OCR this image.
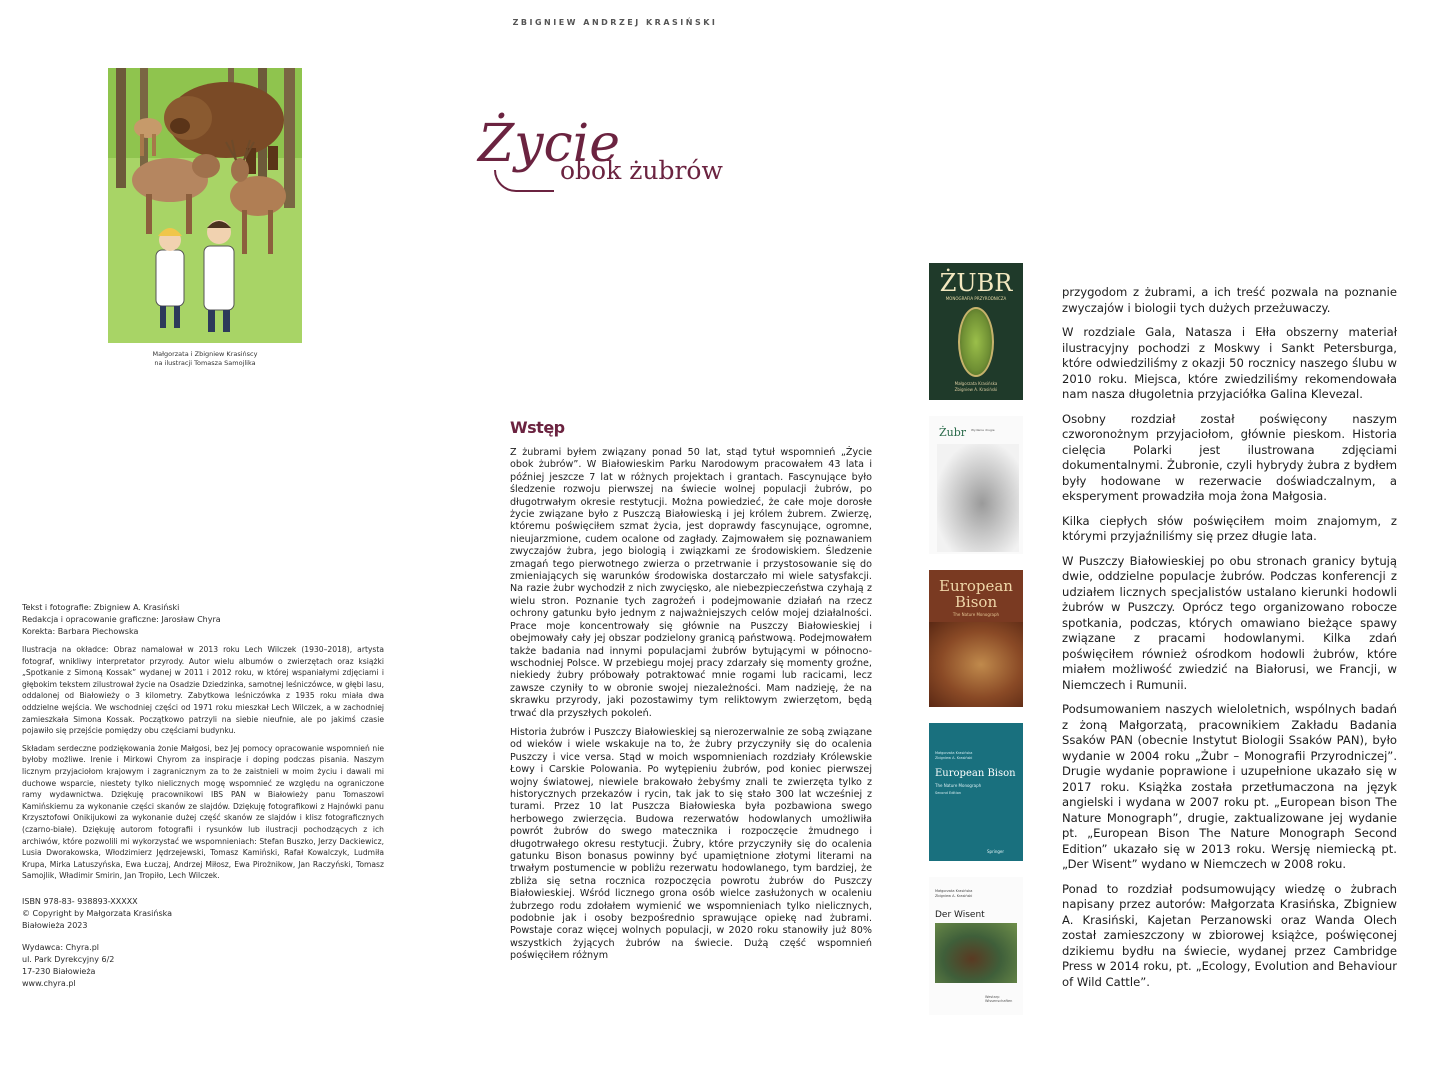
ZBIGNIEW ANDRZEJ KRASIŃSKI
Małgorzata i Zbigniew Krasińscy
na ilustracji Tomasza Samojlika
Życie
obok żubrów

Tekst i fotografie: Zbigniew A. Krasiński

Redakcja i opracowanie graficzne: Jarosław Chyra

Korekta: Barbara Piechowska

Ilustracja na okładce: Obraz namalował w 2013 roku Lech Wilczek (1930–2018), artysta fotograf, wnikliwy interpretator przyrody. Autor wielu albumów o zwierzętach oraz książki „Spotkanie z Simoną Kossak” wydanej w 2011 i 2012 roku, w której wspaniałymi zdjęciami i głębokim tekstem zilustrował życie na Osadzie Dziedzinka, samotnej leśniczówce, w głębi lasu, oddalonej od Białowieży o 3 kilometry. Zabytkowa leśniczówka z 1935 roku miała dwa oddzielne wejścia. We wschodniej części od 1971 roku mieszkał Lech Wilczek, a w zachodniej zamieszkała Simona Kossak. Początkowo patrzyli na siebie nieufnie, ale po jakimś czasie pojawiło się przejście pomiędzy obu częściami budynku.

Składam serdeczne podziękowania żonie Małgosi, bez Jej pomocy opracowanie wspomnień nie byłoby możliwe. Irenie i Mirkowi Chyrom za inspiracje i doping podczas pisania. Naszym licznym przyjaciołom krajowym i zagranicznym za to że zaistnieli w moim życiu i dawali mi duchowe wsparcie, niestety tylko nielicznych mogę wspomnieć ze względu na ograniczone ramy wydawnictwa. Dziękuję pracownikowi IBS PAN w Białowieży panu Tomaszowi Kamińskiemu za wykonanie części skanów ze slajdów. Dziękuję fotografikowi z Hajnówki panu Krzysztofowi Onikijukowi za wykonanie dużej część skanów ze slajdów i klisz fotograficznych (czarno-białe). Dziękuję autorom fotografii i rysunków lub ilustracji pochodzących z ich archiwów, które pozwolili mi wykorzystać we wspomnieniach: Stefan Buszko, Jerzy Dackiewicz, Lusia Dworakowska, Włodzimierz Jędrzejewski, Tomasz Kamiński, Rafał Kowalczyk, Ludmiła Krupa, Mirka Latuszyńska, Ewa Łuczaj, Andrzej Miłosz, Ewa Pirożnikow, Jan Raczyński, Tomasz Samojlik, Władimir Smirin, Jan Tropiło, Lech Wilczek.

ISBN 978-83- 938893-XXXXX
© Copyright by Małgorzata Krasińska
Białowieża 2023
Wydawca: Chyra.pl
ul. Park Dyrekcyjny 6/2
17-230 Białowieża
www.chyra.pl
Wstęp

Z żubrami byłem związany ponad 50 lat, stąd tytuł wspomnień „Życie obok żubrów”. W Białowieskim Parku Narodowym pracowałem 43 lata i później jeszcze 7 lat w różnych projektach i grantach. Fascynujące było śledzenie rozwoju pierwszej na świecie wolnej populacji żubrów, po długotrwałym okresie restytucji. Można powiedzieć, że całe moje dorosłe życie związane było z Puszczą Białowieską i jej królem żubrem. Zwierzę, któremu poświęciłem szmat życia, jest doprawdy fascynujące, ogromne, nieujarzmione, cudem ocalone od zagłady. Zajmowałem się poznawaniem zwyczajów żubra, jego biologią i związkami ze środowiskiem. Śledzenie zmagań tego pierwotnego zwierza o przetrwanie i przystosowanie się do zmieniających się warunków środowiska dostarczało mi wiele satysfakcji. Na razie żubr wychodził z nich zwycięsko, ale niebezpieczeństwa czyhają z wielu stron. Poznanie tych zagrożeń i podejmowanie działań na rzecz ochrony gatunku było jednym z najważniejszych celów mojej działalności. Prace moje koncentrowały się głównie na Puszczy Białowieskiej i obejmowały cały jej obszar podzielony granicą państwową. Podejmowałem także badania nad innymi populacjami żubrów bytującymi w północno-wschodniej Polsce. W przebiegu mojej pracy zdarzały się momenty groźne, niekiedy żubry próbowały potraktować mnie rogami lub racicami, lecz zawsze czyniły to w obronie swojej niezależności. Mam nadzieję, że na skrawku przyrody, jaki pozostawimy tym reliktowym zwierzętom, będą trwać dla przyszłych pokoleń.

Historia żubrów i Puszczy Białowieskiej są nierozerwalnie ze sobą związane od wieków i wiele wskakuje na to, że żubry przyczyniły się do ocalenia Puszczy i vice versa. Stąd w moich wspomnieniach rozdziały Królewskie Łowy i Carskie Polowania. Po wytępieniu żubrów, pod koniec pierwszej wojny światowej, niewiele brakowało żebyśmy znali te zwierzęta tylko z historycznych przekazów i rycin, tak jak to się stało 300 lat wcześniej z turami. Przez 10 lat Puszcza Białowieska była pozbawiona swego herbowego zwierzęcia. Budowa rezerwatów hodowlanych umożliwiła powrót żubrów do swego matecznika i rozpoczęcie żmudnego i długotrwałego okresu restytucji. Żubry, które przyczyniły się do ocalenia gatunku Bison bonasus powinny być upamiętnione złotymi literami na trwałym postumencie w pobliżu rezerwatu hodowlanego, tym bardziej, że zbliża się setna rocznica rozpoczęcia powrotu żubrów do Puszczy Białowieskiej. Wśród licznego grona osób wielce zasłużonych w ocaleniu żubrzego rodu zdołałem wymienić we wspomnieniach tylko nielicznych, podobnie jak i osoby bezpośrednio sprawujące opiekę nad żubrami. Powstaje coraz więcej wolnych populacji, w 2020 roku stanowiły już 80% wszystkich żyjących żubrów na świecie. Dużą część wspomnień poświęciłem różnym

ŻUBR
MONOGRAFIA PRZYRODNICZA
Małgorzata Krasińska
Zbigniew A. Krasiński
Żubr Wydanie drugie
European Bison
The Nature Monograph
Małgorzata Krasińska
Zbigniew A. Krasiński
European Bison
The Nature Monograph
Second Edition
Springer
Małgorzata Krasińska
Zbigniew A. Krasiński
Der Wisent
Westarp Wissenschaften

przygodom z żubrami, a ich treść pozwala na poznanie zwyczajów i biologii tych dużych przeżuwaczy.

W rozdziale Gala, Natasza i Ełła obszerny materiał ilustracyjny pochodzi z Moskwy i Sankt Petersburga, które odwiedziliśmy z okazji 50 rocznicy naszego ślubu w 2010 roku. Miejsca, które zwiedziliśmy rekomendowała nam nasza długoletnia przyjaciółka Galina Klevezal.

Osobny rozdział został poświęcony naszym czworonożnym przyjaciołom, głównie pieskom. Historia cielęcia Polarki jest ilustrowana zdjęciami dokumentalnymi. Żubronie, czyli hybrydy żubra z bydłem były hodowane w rezerwacie doświadczalnym, a eksperyment prowadziła moja żona Małgosia.

Kilka ciepłych słów poświęciłem moim znajomym, z którymi przyjaźniliśmy się przez długie lata.

W Puszczy Białowieskiej po obu stronach granicy bytują dwie, oddzielne populacje żubrów. Podczas konferencji z udziałem licznych specjalistów ustalano kierunki hodowli żubrów w Puszczy. Oprócz tego organizowano robocze spotkania, podczas, których omawiano bieżące spawy związane z pracami hodowlanymi. Kilka zdań poświęciłem również ośrodkom hodowli żubrów, które miałem możliwość zwiedzić na Białorusi, we Francji, w Niemczech i Rumunii.

Podsumowaniem naszych wieloletnich, wspólnych badań z żoną Małgorzatą, pracownikiem Zakładu Badania Ssaków PAN (obecnie Instytut Biologii Ssaków PAN), było wydanie w 2004 roku „Żubr – Monografii Przyrodniczej”. Drugie wydanie poprawione i uzupełnione ukazało się w 2017 roku. Książka została przetłumaczona na język angielski i wydana w 2007 roku pt. „European bison The Nature Monograph”, drugie, zaktualizowane jej wydanie pt. „European Bison The Nature Monograph Second Edition” ukazało się w 2013 roku. Wersję niemiecką pt. „Der Wisent” wydano w Niemczech w 2008 roku.

Ponad to rozdział podsumowujący wiedzę o żubrach napisany przez autorów: Małgorzata Krasińska, Zbigniew A. Krasiński, Kajetan Perzanowski oraz Wanda Olech został zamieszczony w zbiorowej książce, poświęconej dzikiemu bydłu na świecie, wydanej przez Cambridge Press w 2014 roku, pt. „Ecology, Evolution and Behaviour of Wild Cattle”.
